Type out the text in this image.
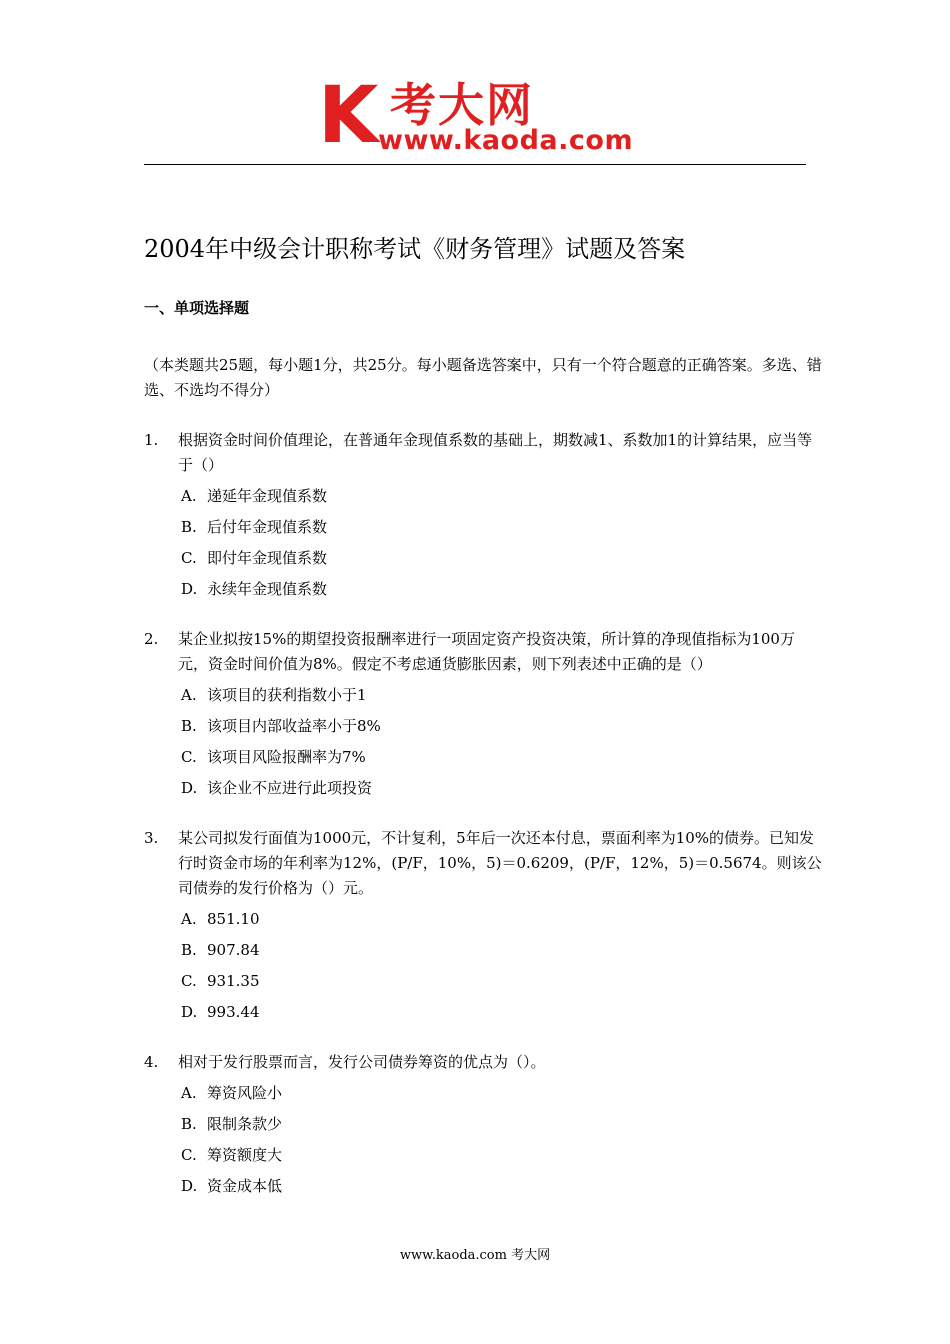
K 考大网
www.kaoda.com
2004年中级会计职称考试《财务管理》试题及答案
一、单项选择题
（本类题共25题，每小题1分，共25分。每小题备选答案中，只有一个符合题意的正确答案。多选、错选、不选均不得分）
1. 根据资金时间价值理论，在普通年金现值系数的基础上，期数减1、系数加1的计算结果，应当等于（）
A. 递延年金现值系数
B. 后付年金现值系数
C. 即付年金现值系数
D. 永续年金现值系数
2. 某企业拟按15%的期望投资报酬率进行一项固定资产投资决策，所计算的净现值指标为100万元，资金时间价值为8%。假定不考虑通货膨胀因素，则下列表述中正确的是（）
A. 该项目的获利指数小于1
B. 该项目内部收益率小于8%
C. 该项目风险报酬率为7%
D. 该企业不应进行此项投资
3. 某公司拟发行面值为1000元，不计复利，5年后一次还本付息，票面利率为10%的债券。已知发行时资金市场的年利率为12%，(P/F，10%，5)＝0.6209，(P/F，12%，5)＝0.5674。则该公司债券的发行价格为（）元。
A. 851.10
B. 907.84
C. 931.35
D. 993.44
4. 相对于发行股票而言，发行公司债券筹资的优点为（）。
A. 筹资风险小
B. 限制条款少
C. 筹资额度大
D. 资金成本低
www.kaoda.com 考大网
